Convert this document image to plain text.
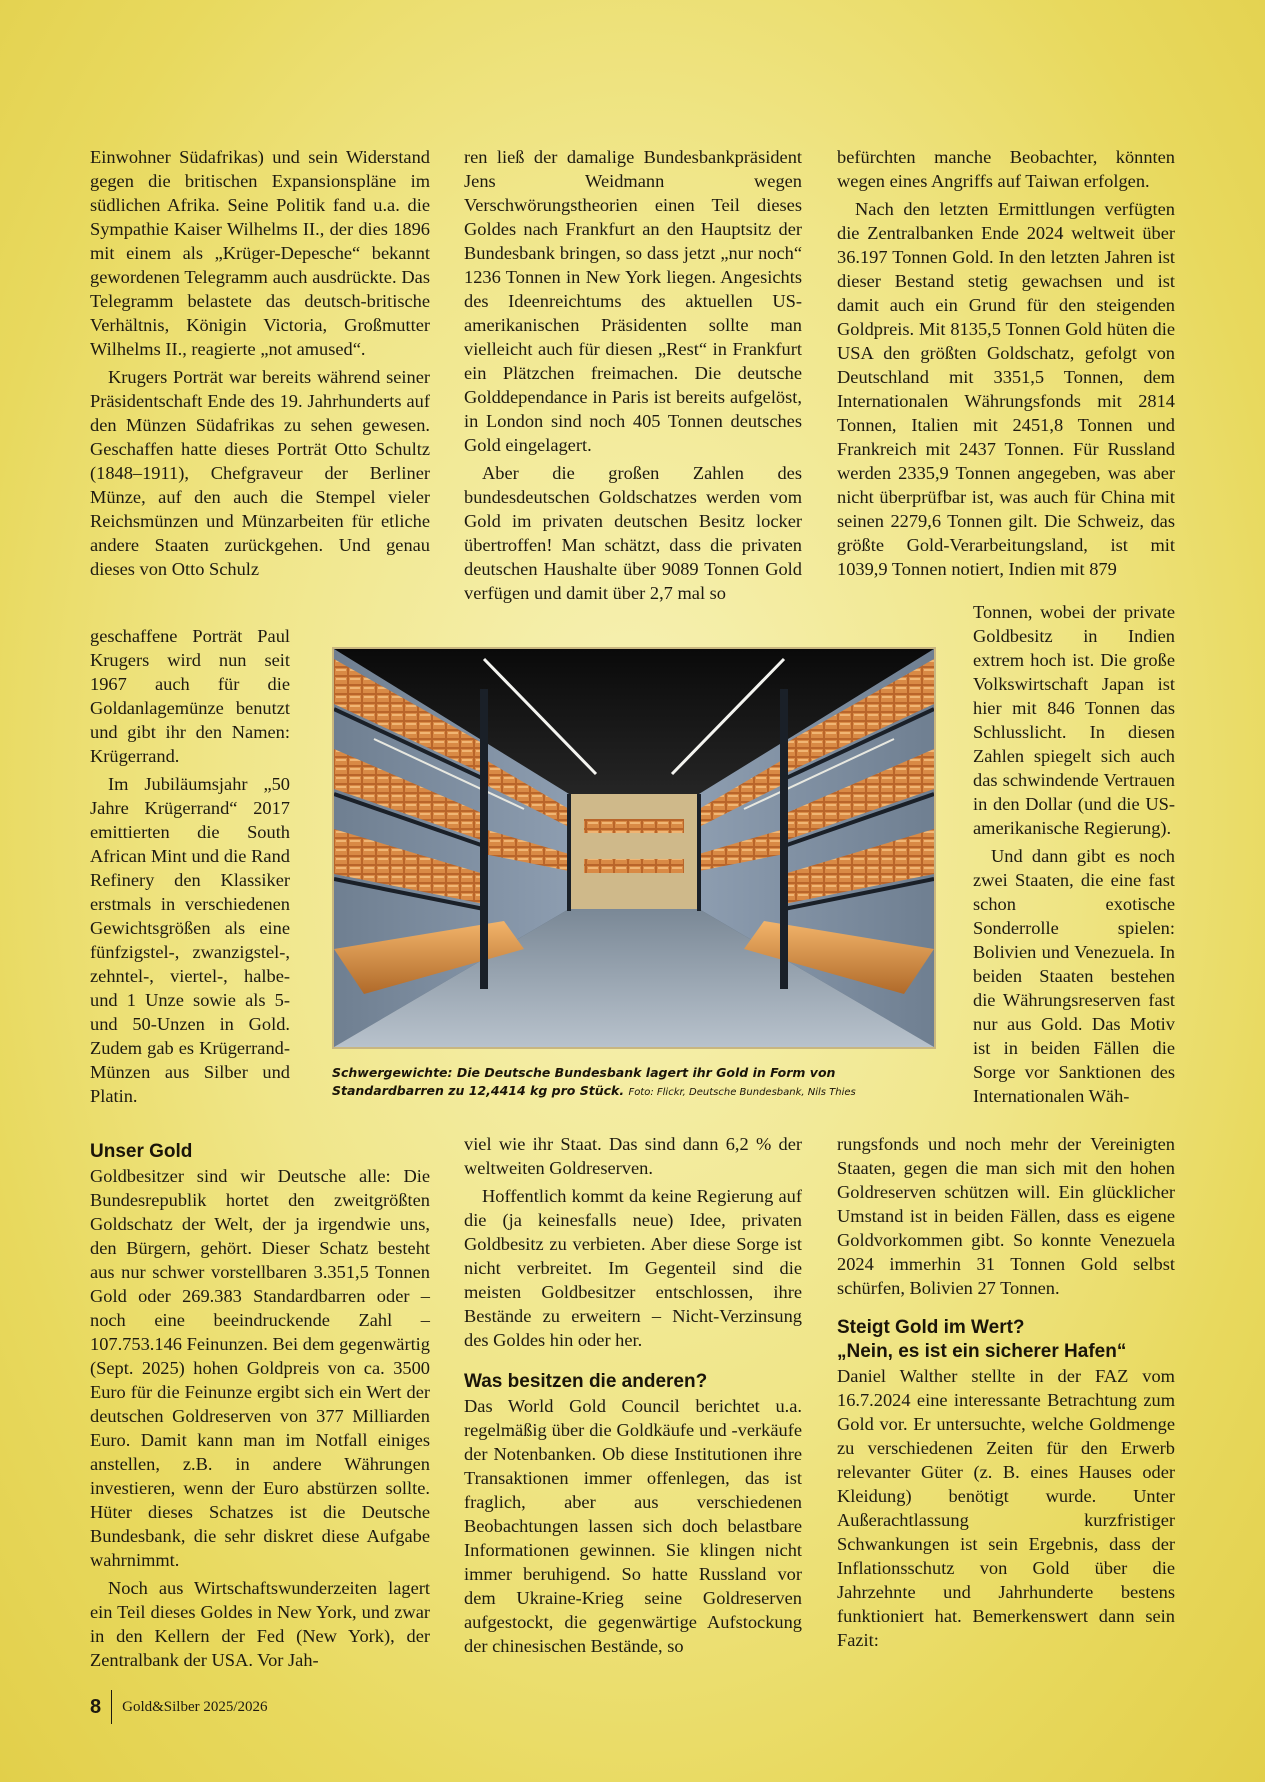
Einwohner Südafrikas) und sein Widerstand gegen die britischen Expansionspläne im südlichen Afrika. Seine Politik fand u.a. die Sympathie Kaiser Wilhelms II., der dies 1896 mit einem als „Krüger-Depesche“ bekannt gewordenen Telegramm auch ausdrückte. Das Telegramm belastete das deutsch-britische Verhältnis, Königin Victoria, Großmutter Wilhelms II., reagierte „not amused“.

Krugers Porträt war bereits während seiner Präsidentschaft Ende des 19. Jahrhunderts auf den Münzen Südafrikas zu sehen gewesen. Geschaffen hatte dieses Porträt Otto Schultz (1848–1911), Chefgraveur der Berliner Münze, auf den auch die Stempel vieler Reichsmünzen und Münzarbeiten für etliche andere Staaten zurückgehen. Und genau dieses von Otto Schulz

geschaffene Porträt Paul Krugers wird nun seit 1967 auch für die Goldanlagemünze benutzt und gibt ihr den Namen: Krügerrand.

Im Jubiläumsjahr „50 Jahre Krügerrand“ 2017 emittierten die South African Mint und die Rand Refinery den Klassiker erstmals in verschiedenen Gewichtsgrößen als eine fünfzigstel-, zwanzigstel-, zehntel-, viertel-, halbe- und 1 Unze sowie als 5- und 50-Unzen in Gold. Zudem gab es Krügerrand-Münzen aus Silber und Platin.

Unser Gold

Goldbesitzer sind wir Deutsche alle: Die Bundesrepublik hortet den zweitgrößten Goldschatz der Welt, der ja irgendwie uns, den Bürgern, gehört. Dieser Schatz besteht aus nur schwer vorstellbaren 3.351,5 Tonnen Gold oder 269.383 Standardbarren oder – noch eine beeindruckende Zahl – 107.753.146 Feinunzen. Bei dem gegenwärtig (Sept. 2025) hohen Goldpreis von ca. 3500 Euro für die Feinunze ergibt sich ein Wert der deutschen Goldreserven von 377 Milliarden Euro. Damit kann man im Notfall einiges anstellen, z.B. in andere Währungen investieren, wenn der Euro abstürzen sollte. Hüter dieses Schatzes ist die Deutsche Bundesbank, die sehr diskret diese Aufgabe wahrnimmt.

Noch aus Wirtschaftswunderzeiten lagert ein Teil dieses Goldes in New York, und zwar in den Kellern der Fed (New York), der Zentralbank der USA. Vor Jah-

ren ließ der damalige Bundesbankpräsident Jens Weidmann wegen Verschwörungstheorien einen Teil dieses Goldes nach Frankfurt an den Hauptsitz der Bundesbank bringen, so dass jetzt „nur noch“ 1236 Tonnen in New York liegen. Angesichts des Ideenreichtums des aktuellen US-amerikanischen Präsidenten sollte man vielleicht auch für diesen „Rest“ in Frankfurt ein Plätzchen freimachen. Die deutsche Golddependance in Paris ist bereits aufgelöst, in London sind noch 405 Tonnen deutsches Gold eingelagert.

Aber die großen Zahlen des bundesdeutschen Goldschatzes werden vom Gold im privaten deutschen Besitz locker übertroffen! Man schätzt, dass die privaten deutschen Haushalte über 9089 Tonnen Gold verfügen und damit über 2,7 mal so

viel wie ihr Staat. Das sind dann 6,2 % der weltweiten Goldreserven.

Hoffentlich kommt da keine Regierung auf die (ja keinesfalls neue) Idee, privaten Goldbesitz zu verbieten. Aber diese Sorge ist nicht verbreitet. Im Gegenteil sind die meisten Goldbesitzer entschlossen, ihre Bestände zu erweitern – Nicht-Verzinsung des Goldes hin oder her.

Was besitzen die anderen?

Das World Gold Council berichtet u.a. regelmäßig über die Goldkäufe und -verkäufe der Notenbanken. Ob diese Institutionen ihre Transaktionen immer offenlegen, das ist fraglich, aber aus verschiedenen Beobachtungen lassen sich doch belastbare Informationen gewinnen. Sie klingen nicht immer beruhigend. So hatte Russland vor dem Ukraine-Krieg seine Goldreserven aufgestockt, die gegenwärtige Aufstockung der chinesischen Bestände, so

befürchten manche Beobachter, könnten wegen eines Angriffs auf Taiwan erfolgen.

Nach den letzten Ermittlungen verfügten die Zentralbanken Ende 2024 weltweit über 36.197 Tonnen Gold. In den letzten Jahren ist dieser Bestand stetig gewachsen und ist damit auch ein Grund für den steigenden Goldpreis. Mit 8135,5 Tonnen Gold hüten die USA den größten Goldschatz, gefolgt von Deutschland mit 3351,5 Tonnen, dem Internationalen Währungsfonds mit 2814 Tonnen, Italien mit 2451,8 Tonnen und Frankreich mit 2437 Tonnen. Für Russland werden 2335,9 Tonnen angegeben, was aber nicht überprüfbar ist, was auch für China mit seinen 2279,6 Tonnen gilt. Die Schweiz, das größte Gold-Verarbeitungsland, ist mit 1039,9 Tonnen notiert, Indien mit 879

Tonnen, wobei der private Goldbesitz in Indien extrem hoch ist. Die große Volkswirtschaft Japan ist hier mit 846 Tonnen das Schlusslicht. In diesen Zahlen spiegelt sich auch das schwindende Vertrauen in den Dollar (und die US-amerikanische Regierung).

Und dann gibt es noch zwei Staaten, die eine fast schon exotische Sonderrolle spielen: Bolivien und Venezuela. In beiden Staaten bestehen die Währungsreserven fast nur aus Gold. Das Motiv ist in beiden Fällen die Sorge vor Sanktionen des Internationalen Wäh-

rungsfonds und noch mehr der Vereinigten Staaten, gegen die man sich mit den hohen Goldreserven schützen will. Ein glücklicher Umstand ist in beiden Fällen, dass es eigene Goldvorkommen gibt. So konnte Venezuela 2024 immerhin 31 Tonnen Gold selbst schürfen, Bolivien 27 Tonnen.

Steigt Gold im Wert?
„Nein, es ist ein sicherer Hafen“

Daniel Walther stellte in der FAZ vom 16.7.2024 eine interessante Betrachtung zum Gold vor. Er untersuchte, welche Goldmenge zu verschiedenen Zeiten für den Erwerb relevanter Güter (z. B. eines Hauses oder Kleidung) benötigt wurde. Unter Außerachtlassung kurzfristiger Schwankungen ist sein Ergebnis, dass der Inflationsschutz von Gold über die Jahrzehnte und Jahrhunderte bestens funktioniert hat. Bemerkenswert dann sein Fazit:

Schwergewichte: Die Deutsche Bundesbank lagert ihr Gold in Form von Standardbarren zu 12,4414 kg pro Stück. Foto: Flickr, Deutsche Bundesbank, Nils Thies
8 Gold&Silber 2025/2026
